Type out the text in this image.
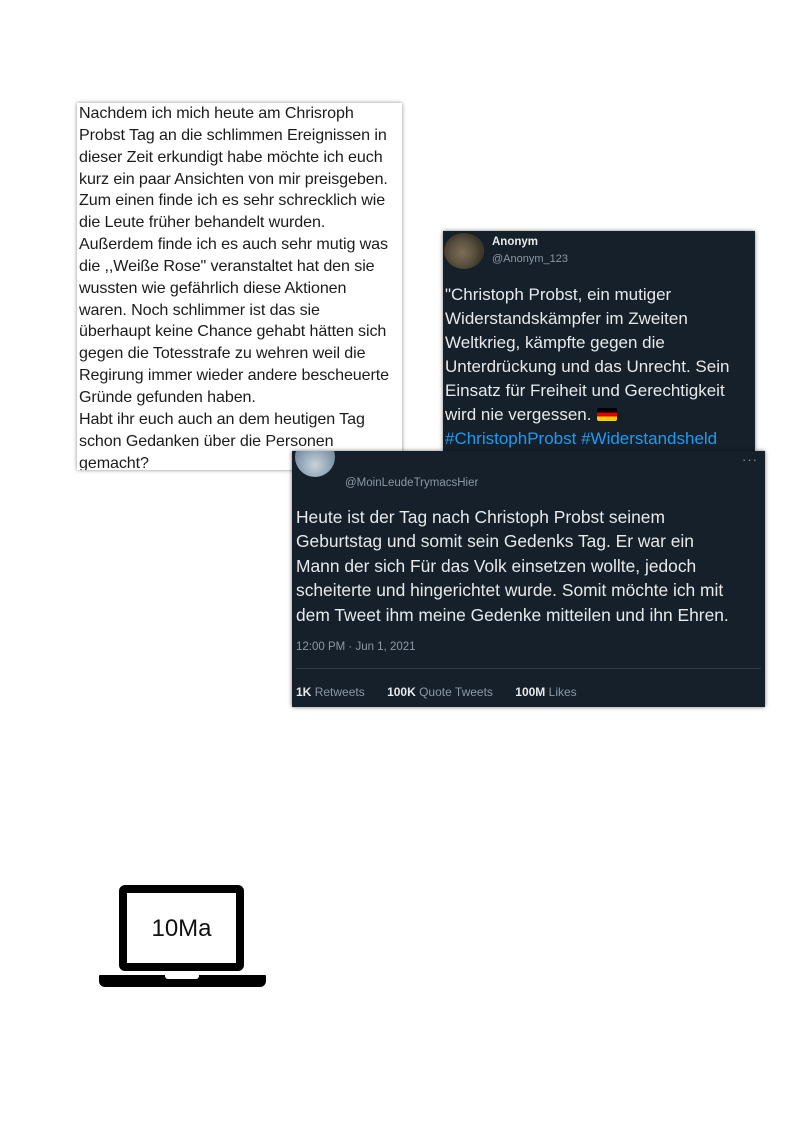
Nachdem ich mich heute am Chrisroph
Probst Tag an die schlimmen Ereignissen in
dieser Zeit erkundigt habe möchte ich euch
kurz ein paar Ansichten von mir preisgeben.
Zum einen finde ich es sehr schrecklich wie
die Leute früher behandelt wurden.
Außerdem finde ich es auch sehr mutig was
die ,,Weiße Rose" veranstaltet hat den sie
wussten wie gefährlich diese Aktionen
waren. Noch schlimmer ist das sie
überhaupt keine Chance gehabt hätten sich
gegen die Totesstrafe zu wehren weil die
Regirung immer wieder andere bescheuerte
Gründe gefunden haben.
Habt ihr euch auch an dem heutigen Tag
schon Gedanken über die Personen
gemacht?

Anonym
@Anonym_123
"Christoph Probst, ein mutiger
Widerstandskämpfer im Zweiten
Weltkrieg, kämpfte gegen die
Unterdrückung und das Unrecht. Sein
Einsatz für Freiheit und Gerechtigkeit
wird nie vergessen.
#ChristophProbst #Widerstandsheld
@MoinLeudeTrymacsHier
···
Heute ist der Tag nach Christoph Probst seinem
Geburtstag und somit sein Gedenks Tag. Er war ein
Mann der sich Für das Volk einsetzen wollte, jedoch
scheiterte und hingerichtet wurde. Somit möchte ich mit
dem Tweet ihm meine Gedenke mitteilen und ihn Ehren.
12:00 PM · Jun 1, 2021
1K Retweets 100K Quote Tweets 100M Likes
10Ma
